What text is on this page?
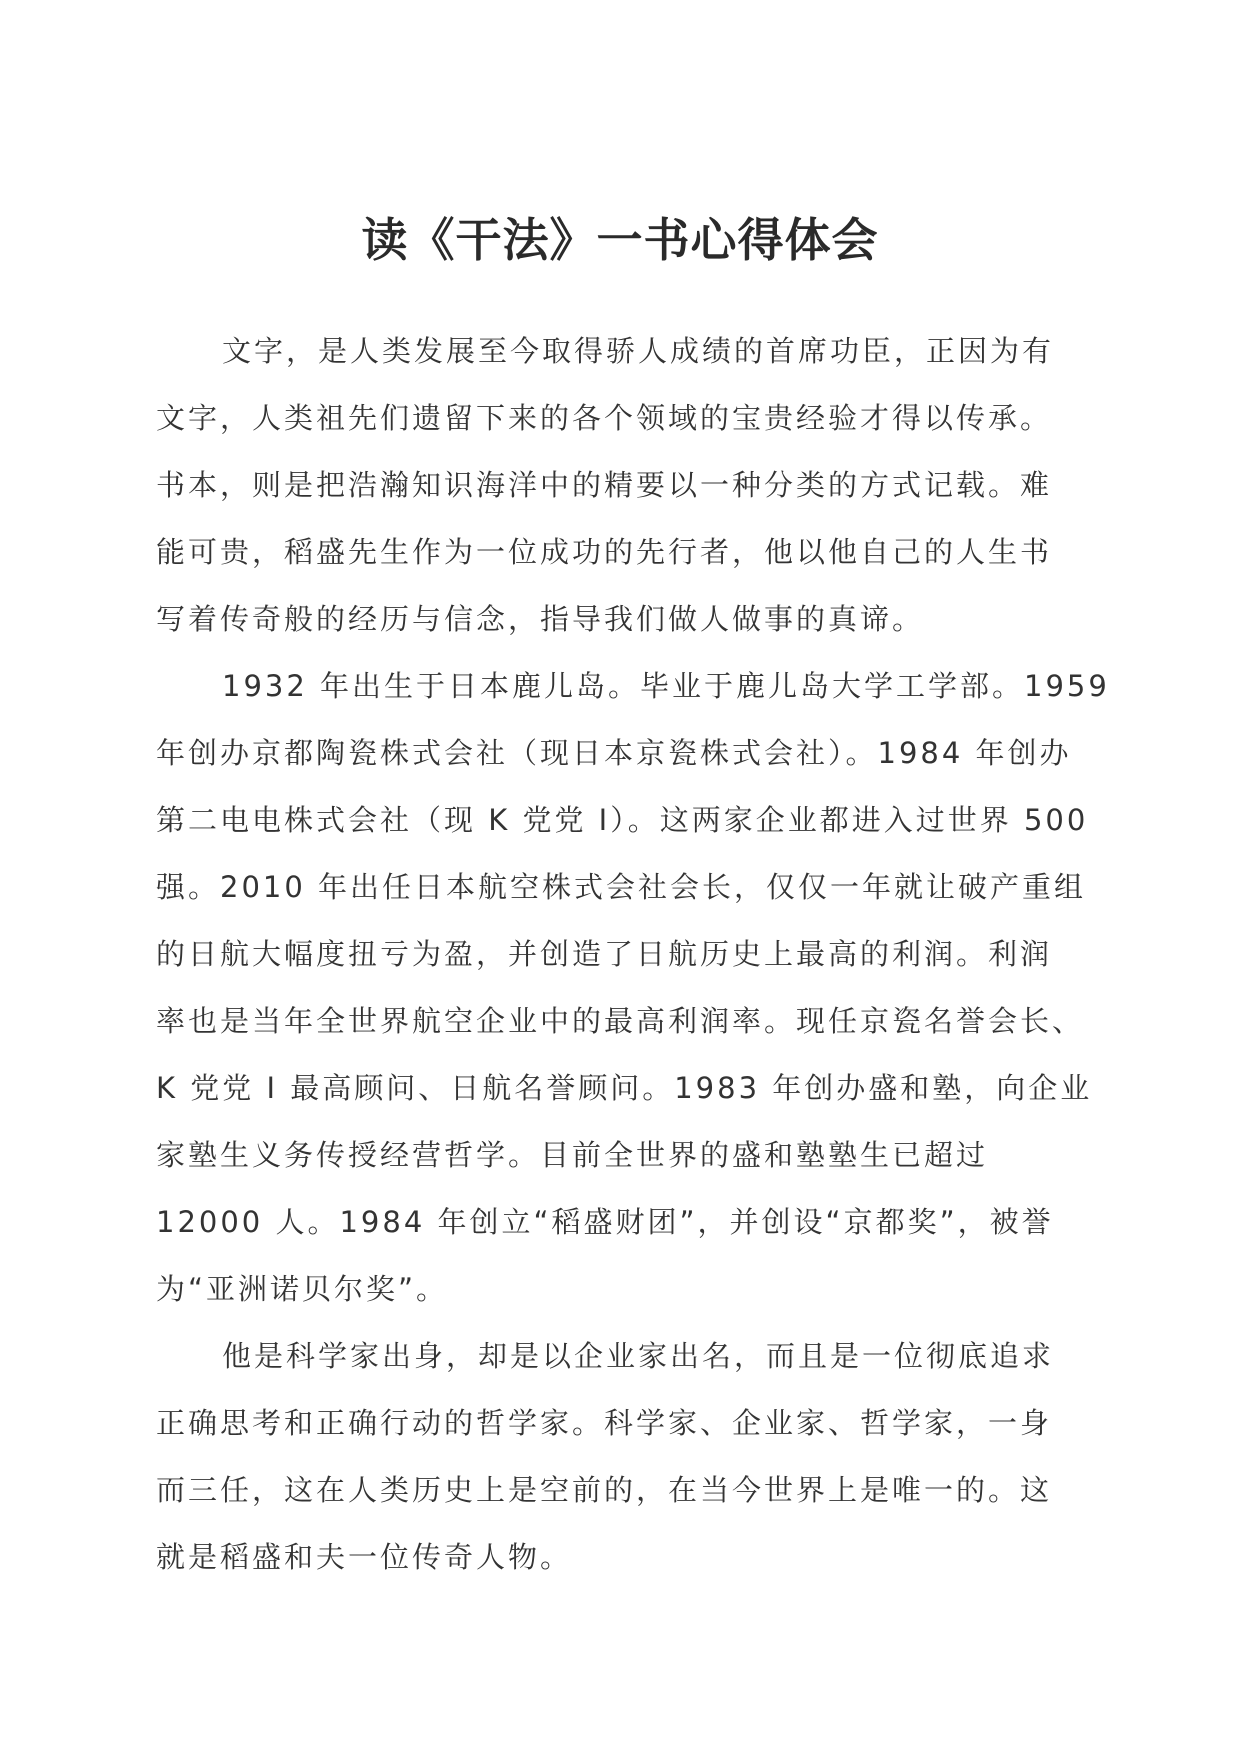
读《干法》一书心得体会
文字，是人类发展至今取得骄人成绩的首席功臣，正因为有
文字，人类祖先们遗留下来的各个领域的宝贵经验才得以传承。
书本，则是把浩瀚知识海洋中的精要以一种分类的方式记载。难
能可贵，稻盛先生作为一位成功的先行者，他以他自己的人生书
写着传奇般的经历与信念，指导我们做人做事的真谛。
1932 年出生于日本鹿儿岛。毕业于鹿儿岛大学工学部。1959
年创办京都陶瓷株式会社（现日本京瓷株式会社）。1984 年创办
第二电电株式会社（现 K 党党 I）。这两家企业都进入过世界 500
强。2010 年出任日本航空株式会社会长，仅仅一年就让破产重组
的日航大幅度扭亏为盈，并创造了日航历史上最高的利润。利润
率也是当年全世界航空企业中的最高利润率。现任京瓷名誉会长、
K 党党 I 最高顾问、日航名誉顾问。1983 年创办盛和塾，向企业
家塾生义务传授经营哲学。目前全世界的盛和塾塾生已超过
12000 人。1984 年创立“稻盛财团”，并创设“京都奖”，被誉
为“亚洲诺贝尔奖”。
他是科学家出身，却是以企业家出名，而且是一位彻底追求
正确思考和正确行动的哲学家。科学家、企业家、哲学家，一身
而三任，这在人类历史上是空前的，在当今世界上是唯一的。这
就是稻盛和夫一位传奇人物。
